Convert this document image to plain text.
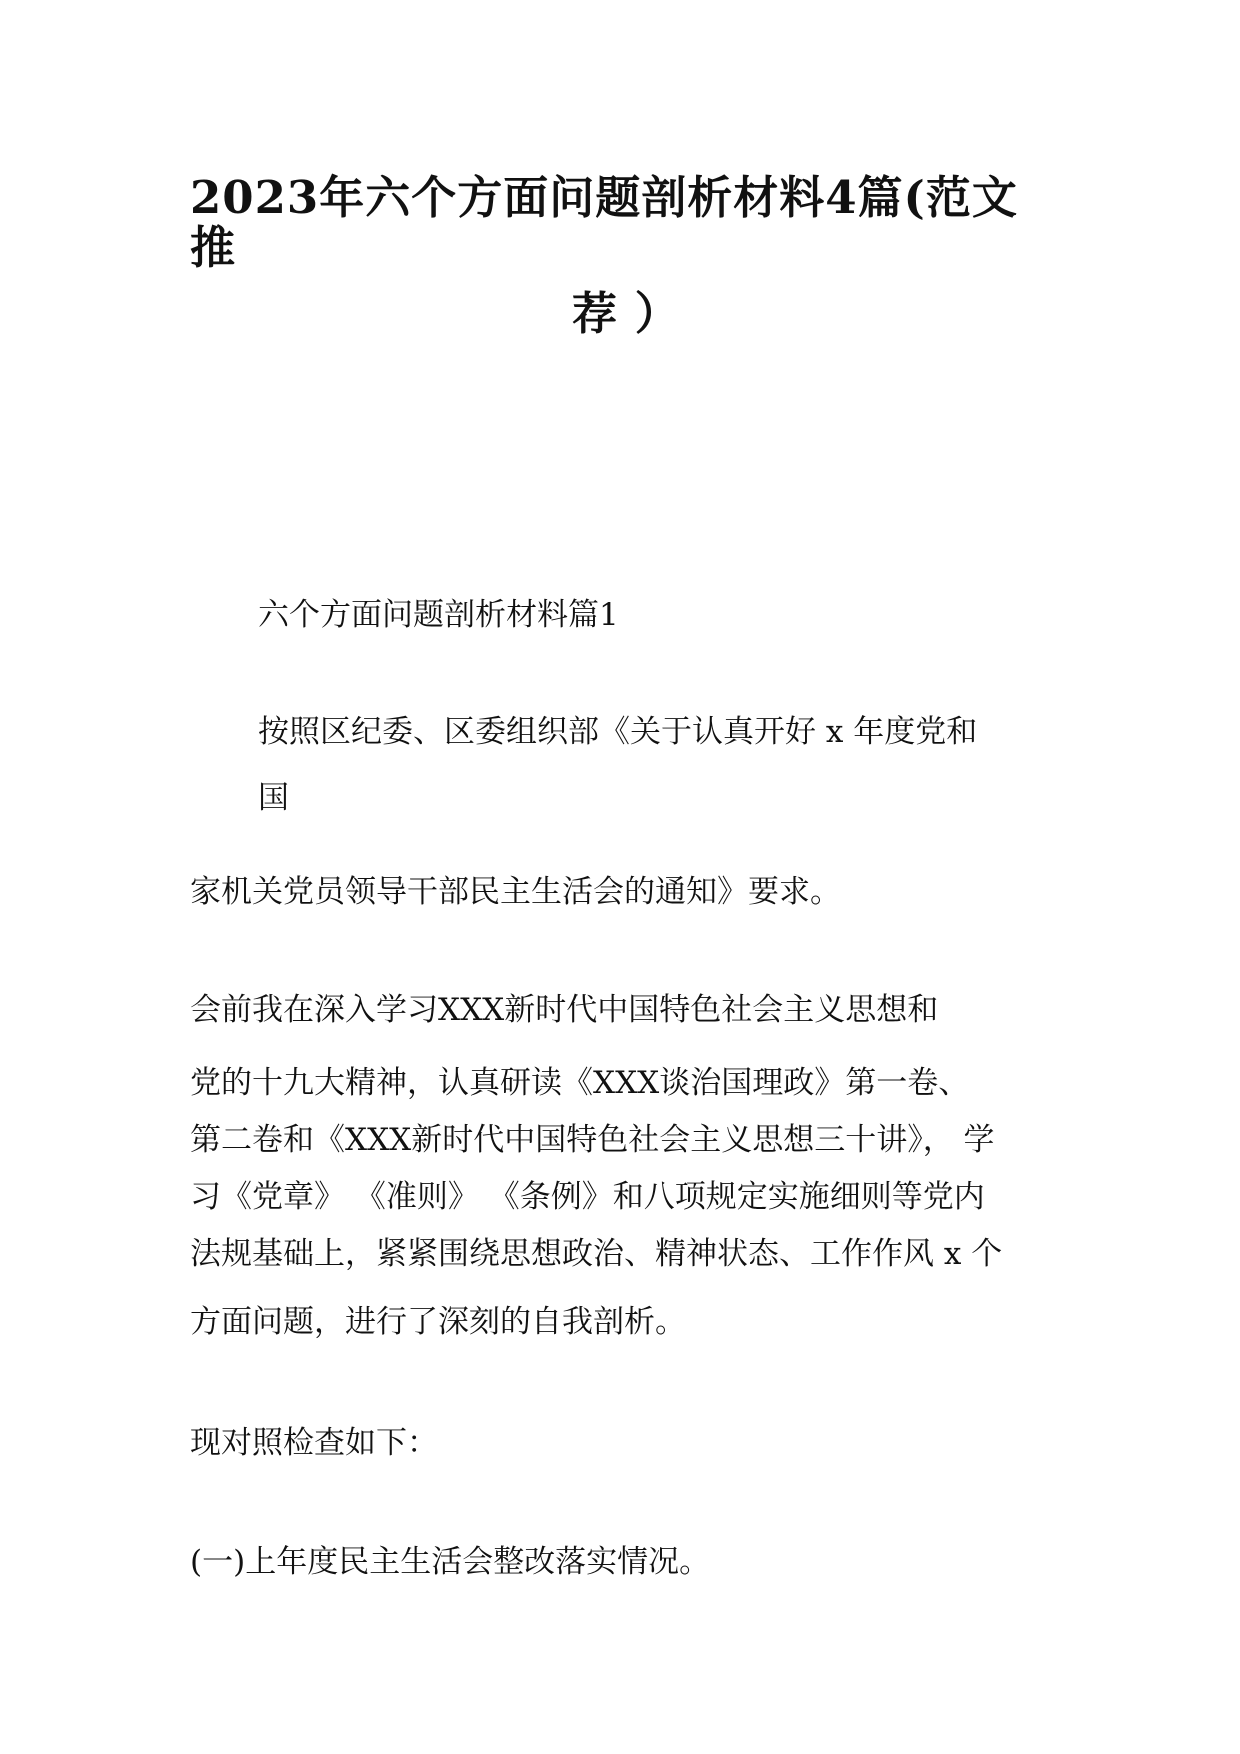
2023年六个方面问题剖析材料4篇(范文
推
荐 ）
六个方面问题剖析材料篇1
按照区纪委、区委组织部《关于认真开好 x 年度党和
国
家机关党员领导干部民主生活会的通知》要求。
会前我在深入学习XXX新时代中国特色社会主义思想和
党的十九大精神，认真研读《XXX谈治国理政》第一卷、
第二卷和《XXX新时代中国特色社会主义思想三十讲》， 学
习《党章》 《准则》 《条例》和八项规定实施细则等党内
法规基础上，紧紧围绕思想政治、精神状态、工作作风 x 个
方面问题，进行了深刻的自我剖析。
现对照检查如下：
(一)上年度民主生活会整改落实情况。
